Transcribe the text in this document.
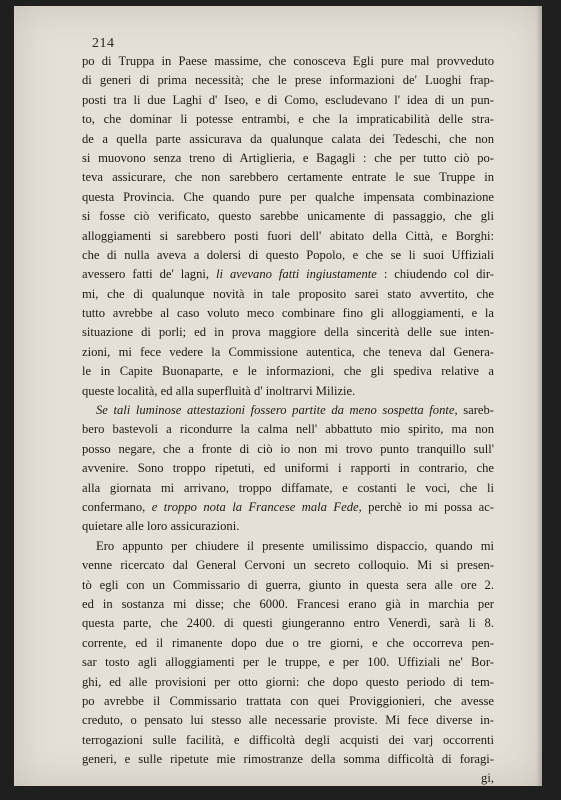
214
po di Truppa in Paese massime, che conosceva Egli pure mal provveduto
di generi di prima necessità; che le prese informazioni de' Luoghi frap-
posti tra li due Laghi d' Iseo, e di Como, escludevano l' idea di un pun-
to, che dominar li potesse entrambi, e che la impraticabilità delle stra-
de a quella parte assicurava da qualunque calata dei Tedeschi, che non
si muovono senza treno di Artiglieria, e Bagagli : che per tutto ciò po-
teva assicurare, che non sarebbero certamente entrate le sue Truppe in
questa Provincia. Che quando pure per qualche impensata combinazione
si fosse ciò verificato, questo sarebbe unicamente di passaggio, che gli
alloggiamenti si sarebbero posti fuori dell' abitato della Città, e Borghi:
che di nulla aveva a dolersi di questo Popolo, e che se li suoi Uffiziali
avessero fatti de' lagni, li avevano fatti ingiustamente : chiudendo col dir-
mi, che di qualunque novità in tale proposito sarei stato avvertito, che
tutto avrebbe al caso voluto meco combinare fino gli alloggiamenti, e la
situazione di porli; ed in prova maggiore della sincerità delle sue inten-
zioni, mi fece vedere la Commissione autentica, che teneva dal Genera-
le in Capite Buonaparte, e le informazioni, che gli spediva relative a
queste località, ed alla superfluità d' inoltrarvi Milizie.
Se tali luminose attestazioni fossero partite da meno sospetta fonte, sareb-
bero bastevoli a ricondurre la calma nell' abbattuto mio spirito, ma non
posso negare, che a fronte di ciò io non mi trovo punto tranquillo sull'
avvenire. Sono troppo ripetuti, ed uniformi i rapporti in contrario, che
alla giornata mi arrivano, troppo diffamate, e costanti le voci, che li
confermano, e troppo nota la Francese mala Fede, perchè io mi possa ac-
quietare alle loro assicurazioni.
Ero appunto per chiudere il presente umilissimo dispaccio, quando mi
venne ricercato dal General Cervoni un secreto colloquio. Mi si presen-
tò egli con un Commissario di guerra, giunto in questa sera alle ore 2.
ed in sostanza mi disse; che 6000. Francesi erano già in marchia per
questa parte, che 2400. di questi giungeranno entro Venerdì, sarà li 8.
corrente, ed il rimanente dopo due o tre giorni, e che occorreva pen-
sar tosto agli alloggiamenti per le truppe, e per 100. Uffiziali ne' Bor-
ghi, ed alle provisioni per otto giorni: che dopo questo periodo di tem-
po avrebbe il Commissario trattata con quei Proviggionieri, che avesse
creduto, o pensato lui stesso alle necessarie proviste. Mi fece diverse in-
terrogazioni sulle facilità, e difficoltà degli acquisti dei varj occorrenti
generi, e sulle ripetute mie rimostranze della somma difficoltà di foragi-
gi,
